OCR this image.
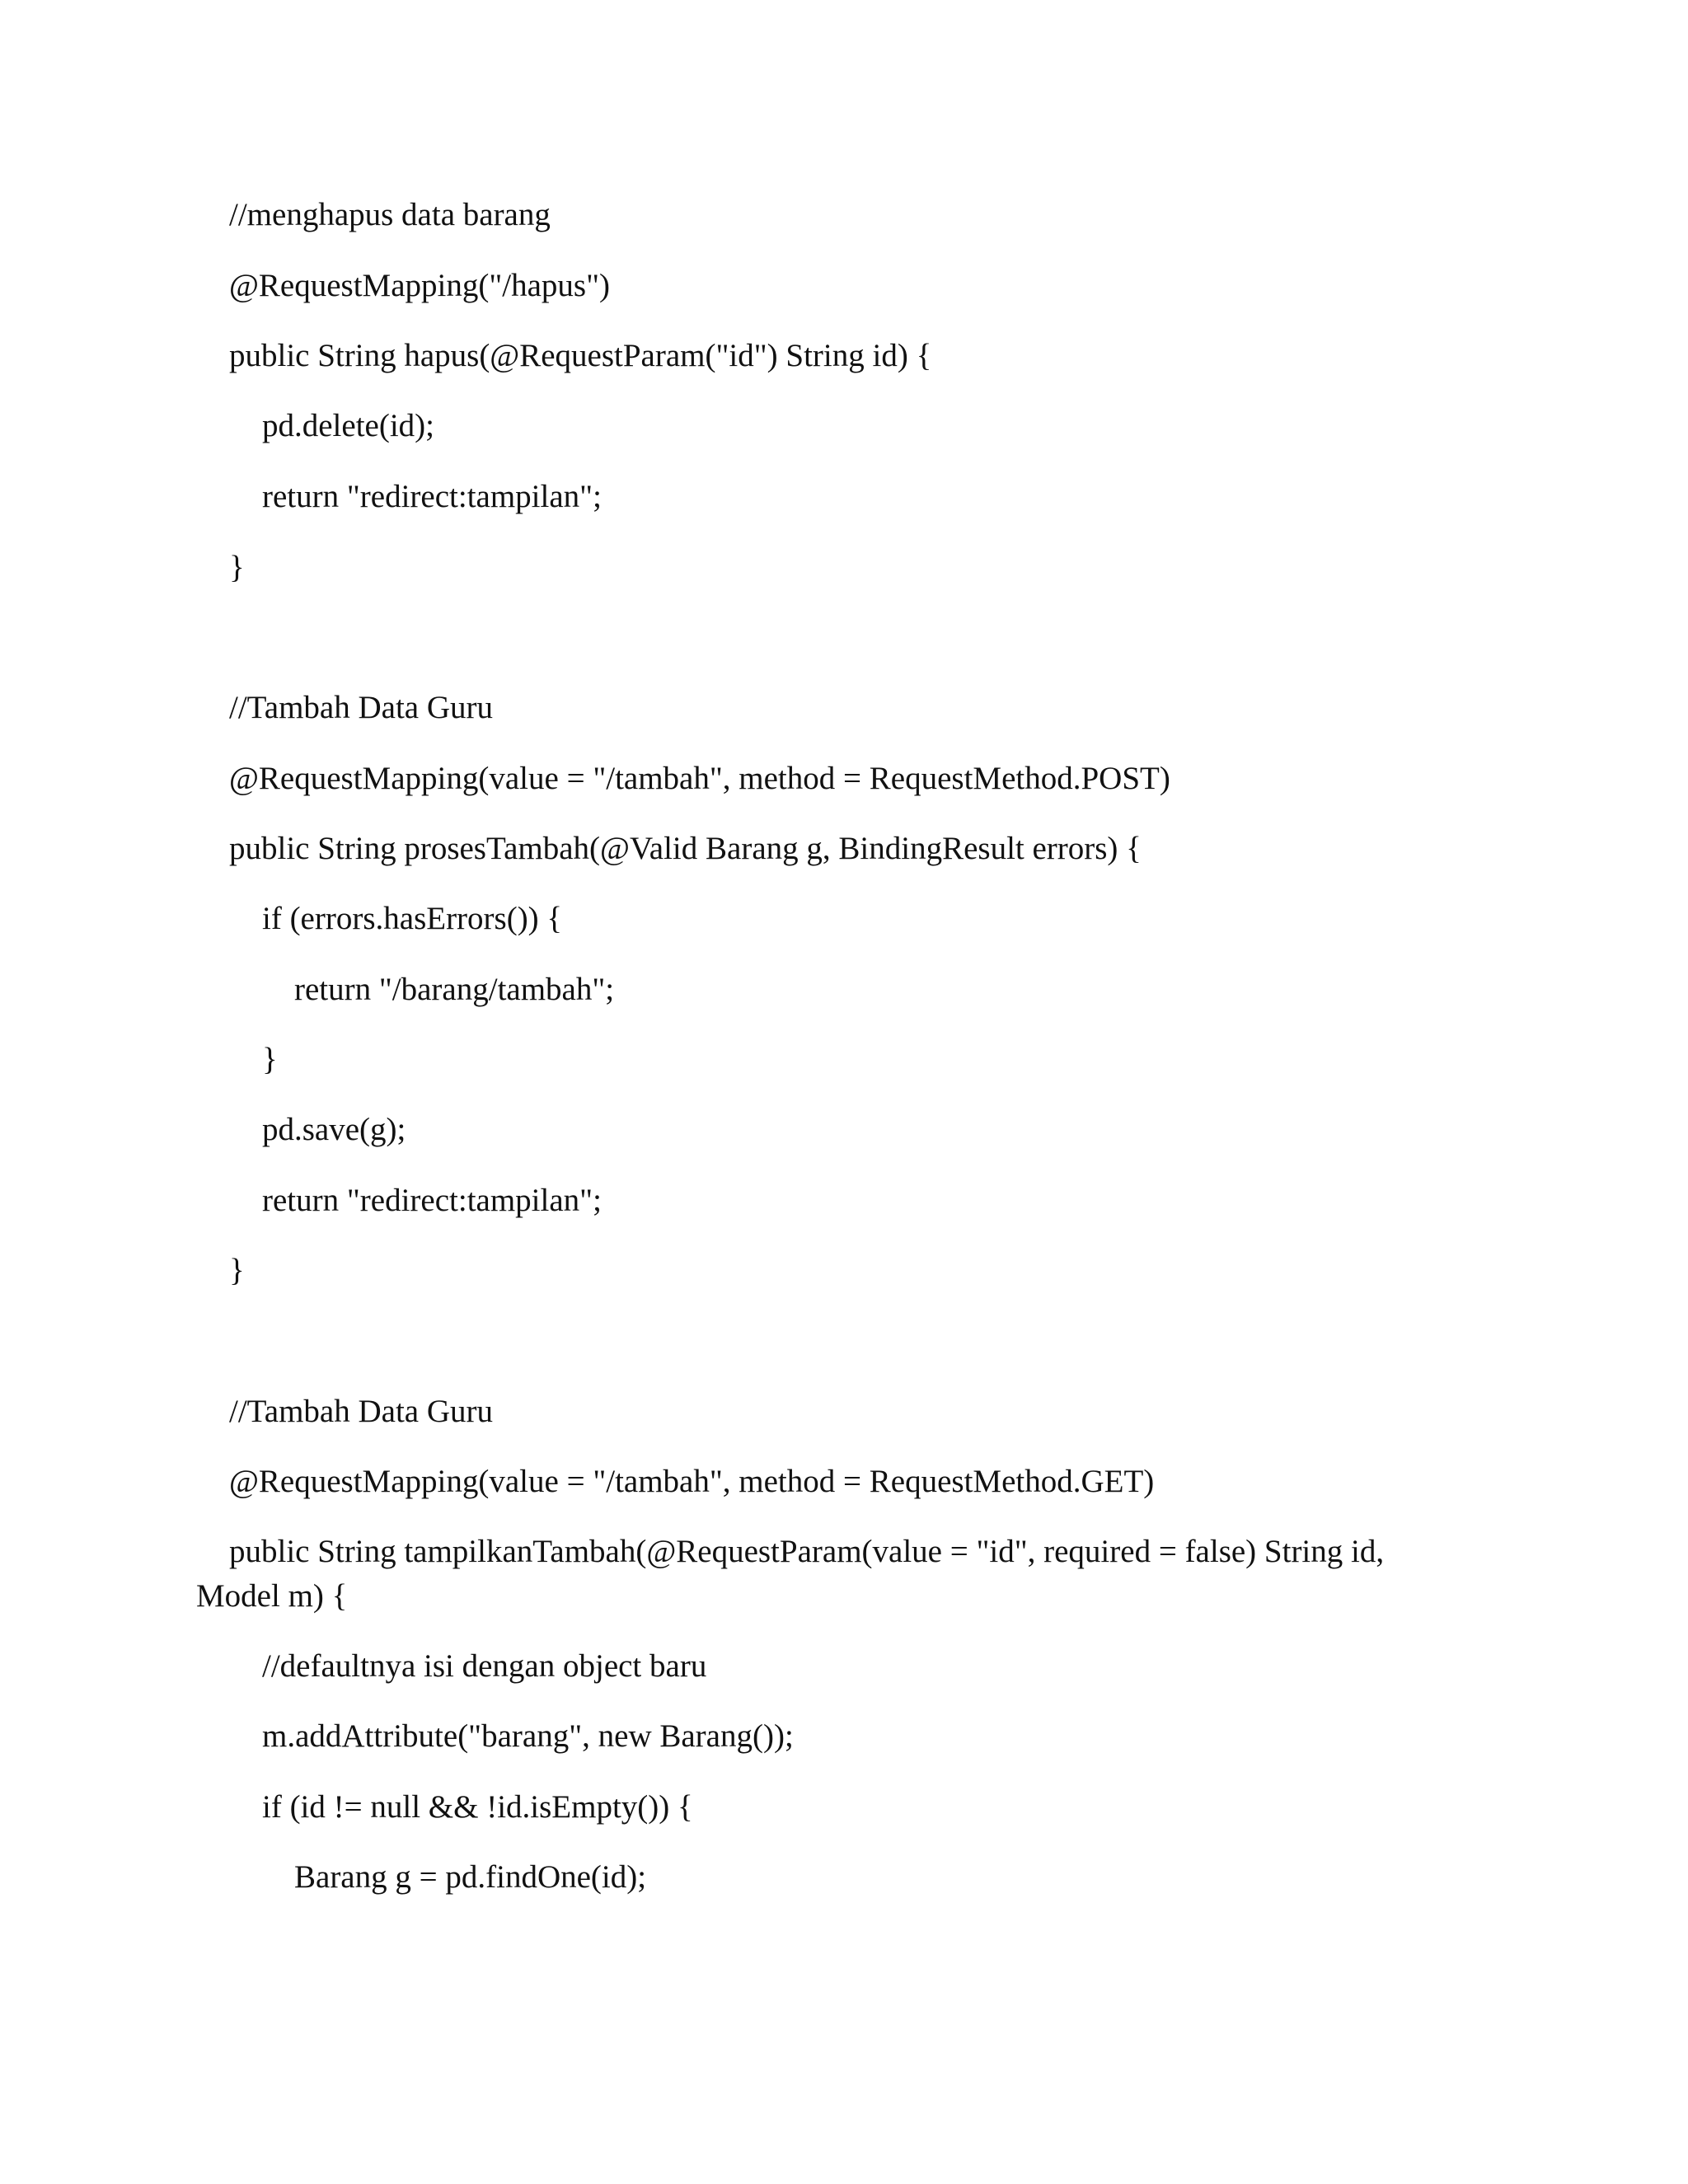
//menghapus data barang
@RequestMapping("/hapus")
public String hapus(@RequestParam("id") String id) {
pd.delete(id);
return "redirect:tampilan";
}
//Tambah Data Guru
@RequestMapping(value = "/tambah", method = RequestMethod.POST)
public String prosesTambah(@Valid Barang g, BindingResult errors) {
if (errors.hasErrors()) {
return "/barang/tambah";
}
pd.save(g);
return "redirect:tampilan";
}
//Tambah Data Guru
@RequestMapping(value = "/tambah", method = RequestMethod.GET)
public String tampilkanTambah(@RequestParam(value = "id", required = false) String id,
Model m) {
//defaultnya isi dengan object baru
m.addAttribute("barang", new Barang());
if (id != null && !id.isEmpty()) {
Barang g = pd.findOne(id);
